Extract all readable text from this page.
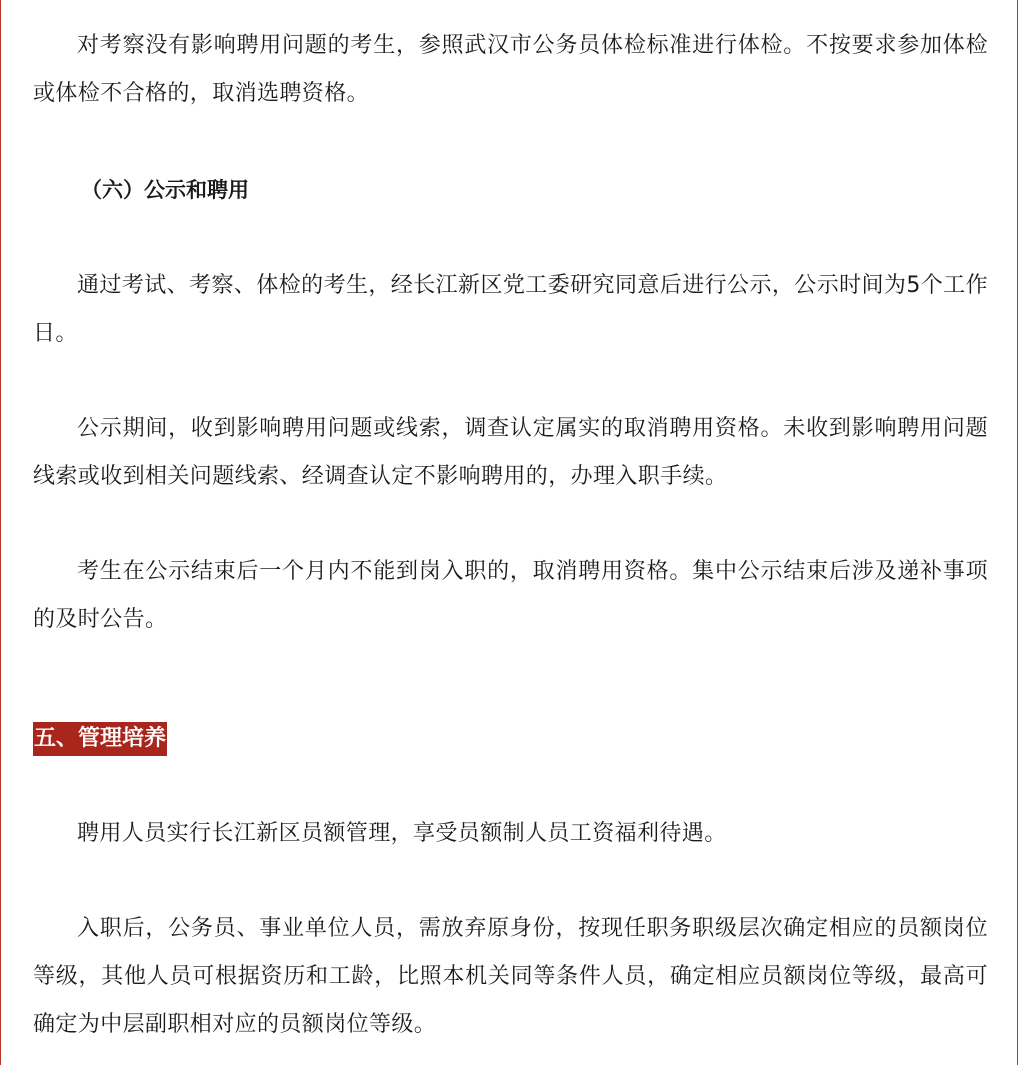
对考察没有影响聘用问题的考生，参照武汉市公务员体检标准进行体检。不按要求参加体检或体检不合格的，取消选聘资格。

（六）公示和聘用

通过考试、考察、体检的考生，经长江新区党工委研究同意后进行公示，公示时间为5个工作日。

公示期间，收到影响聘用问题或线索，调查认定属实的取消聘用资格。未收到影响聘用问题线索或收到相关问题线索、经调查认定不影响聘用的，办理入职手续。

考生在公示结束后一个月内不能到岗入职的，取消聘用资格。集中公示结束后涉及递补事项的及时公告。

五、管理培养

聘用人员实行长江新区员额管理，享受员额制人员工资福利待遇。

入职后，公务员、事业单位人员，需放弃原身份，按现任职务职级层次确定相应的员额岗位等级，其他人员可根据资历和工龄，比照本机关同等条件人员，确定相应员额岗位等级，最高可确定为中层副职相对应的员额岗位等级。
